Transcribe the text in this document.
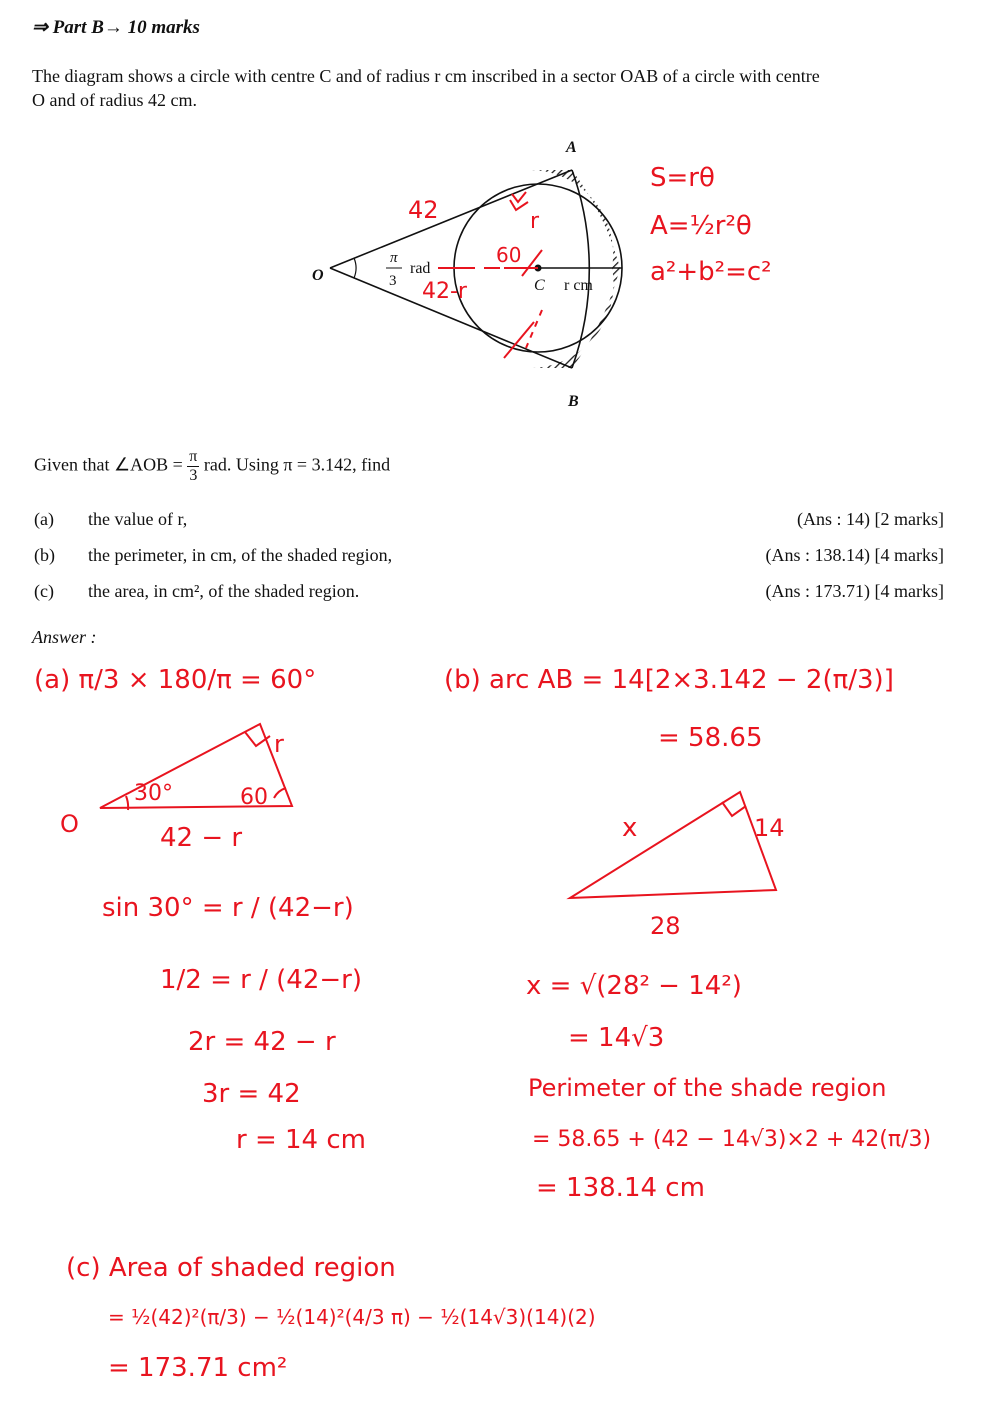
⇒ Part B→ 10 marks
The diagram shows a circle with centre C and of radius r cm inscribed in a sector OAB of a circle with centre
O and of radius 42 cm.
A
B
O
C r cm
π
3
rad
42	r
60
42-r
S=rθ
A=½r²θ
a²+b²=c²
Given that ∠AOB = $\frac{\pi}{3}$ rad. Using π = 3.142, find
(a) the value of r,	(Ans : 14) [2 marks]
(b) the perimeter, in cm, of the shaded region,	(Ans : 138.14) [4 marks]
(c) the area, in cm², of the shaded region.	(Ans : 173.71) [4 marks]
Answer :
(a) π/3 × 180/π = 60°
r
30°	60
O	42 − r
sin 30° = r / (42−r)
1/2 = r / (42−r)
2r = 42 − r
3r = 42
r = 14 cm
(b) arc AB = 14[2×3.142 − 2(π/3)]
= 58.65
x	14
28
x = √(28² − 14²)
= 14√3
Perimeter of the shade region
= 58.65 + (42 − 14√3)×2 + 42(π/3)
= 138.14 cm
(c) Area of shaded region
= ½(42)²(π/3) − ½(14)²(4/3 π) − ½(14√3)(14)(2)
= 173.71 cm²
